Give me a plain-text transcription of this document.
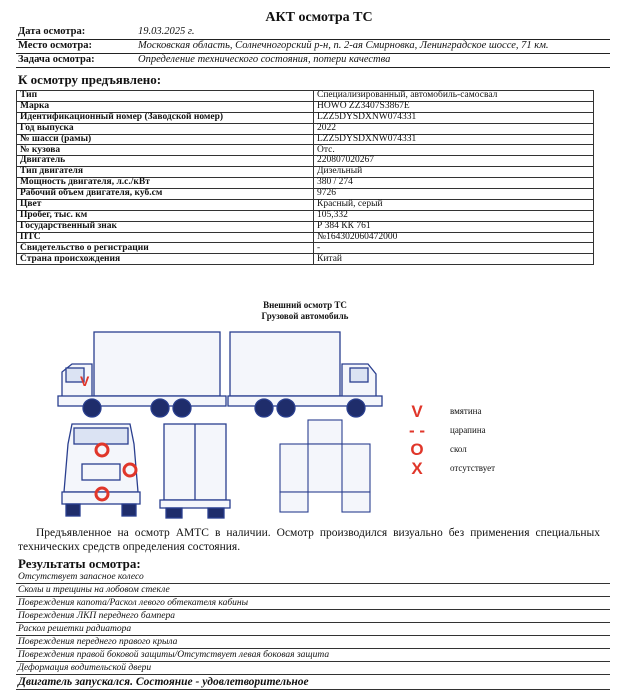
АКТ осмотра ТС
Дата осмотра:	19.03.2025 г.
Место осмотра:	Московская область, Солнечногорский р-н, п. 2-ая Смирновка, Ленинградское шоссе, 71 км.
Задача осмотра:	Определение технического состояния, потери качества
К осмотру предъявлено:
Тип	Специализированный, автомобиль-самосвал
Марка	HOWO ZZ3407S3867E
Идентификационный номер (Заводской номер)	LZZ5DYSDXNW074331
Год выпуска	2022
№ шасси (рамы)	LZZ5DYSDXNW074331
№ кузова	Отс.
Двигатель	220807020267
Тип двигателя	Дизельный
Мощность двигателя, л.с./кВт	380 / 274
Рабочий объем двигателя, куб.см	9726
Цвет	Красный, серый
Пробег, тыс. км	105,332
Государственный знак	Р 384 КК 761
ПТС	№164302060472000
Свидетельство о регистрации	-
Страна происхождения	Китай
Внешний осмотр ТС
Грузовой автомобиль
V
V	вмятина
- -	царапина
O	скол
X	отсутствует
Предъявленное на осмотр АМТС в наличии. Осмотр производился визуально без применения специальных технических средств определения состояния.
Результаты осмотра:
Отсутствует запасное колесо
Сколы и трещины на лобовом стекле
Повреждения капота/Раскол левого обтекателя кабины
Повреждения ЛКП переднего бампера
Раскол решетки радиатора
Повреждения переднего правого крыла
Повреждения правой боковой защиты/Отсутствует левая боковая защита
Деформация водительской двери
Двигатель запускался. Состояние - удовлетворительное
